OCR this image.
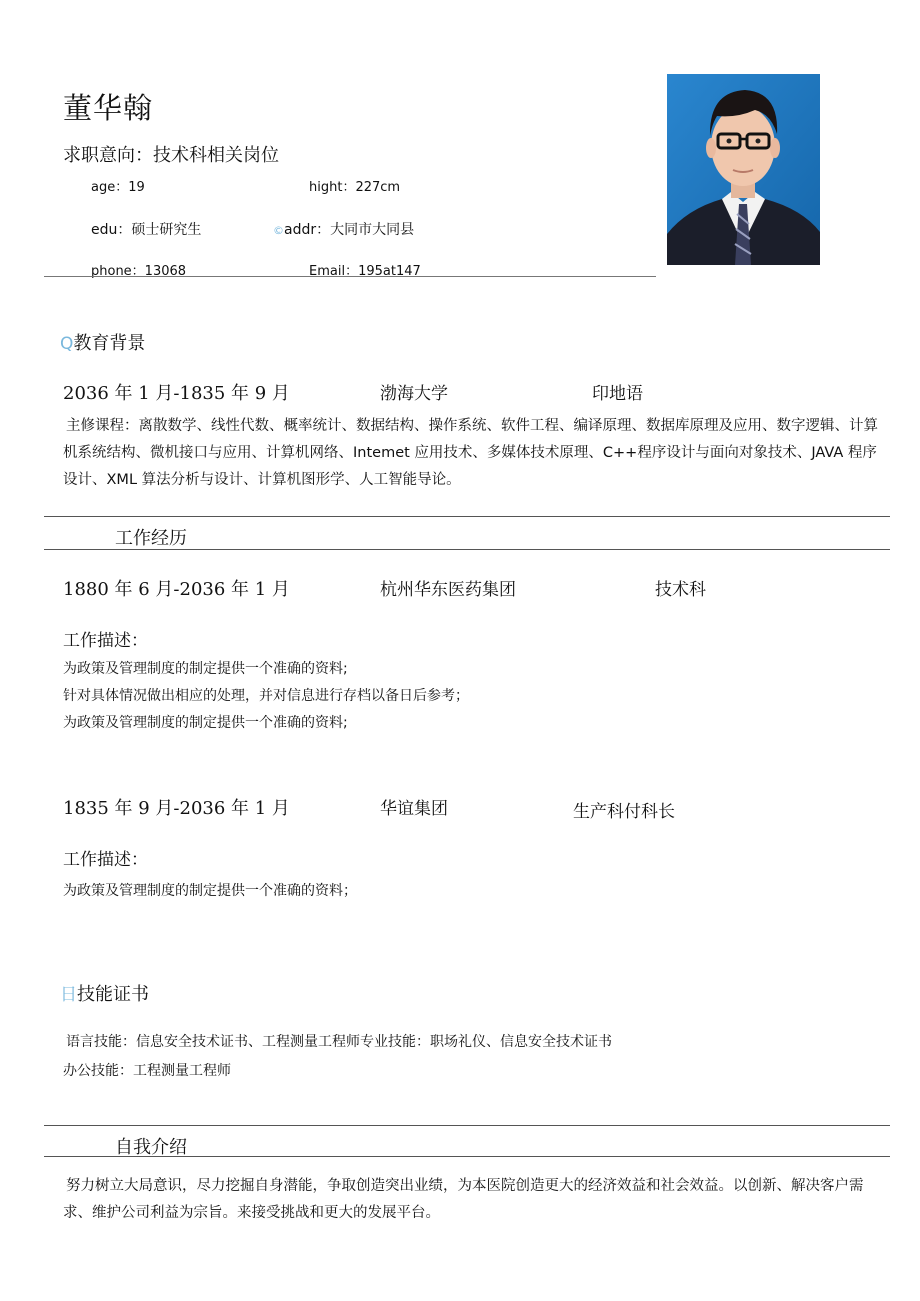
董华翰
求职意向：技术科相关岗位
age：19	hight：227cm
edu：硕士研究生	©addr：大同市大同县
phone：13068	Email：195at147
Q教育背景
2036 年 1 月-1835 年 9 月	渤海大学	印地语
主修课程：离散数学、线性代数、概率统计、数据结构、操作系统、软件工程、编译原理、数据库原理及应用、数字逻辑、计算机系统结构、微机接口与应用、计算机网络、Intemet 应用技术、多媒体技术原理、C++程序设计与面向对象技术、JAVA 程序设计、XML 算法分析与设计、计算机图形学、人工智能导论。
工作经历
1880 年 6 月-2036 年 1 月	杭州华东医药集团	技术科
工作描述：
为政策及管理制度的制定提供一个准确的资料;
针对具体情况做出相应的处理，并对信息进行存档以备日后参考；
为政策及管理制度的制定提供一个准确的资料;
1835 年 9 月-2036 年 1 月	华谊集团	生产科付科长
工作描述：
为政策及管理制度的制定提供一个准确的资料；
日技能证书
语言技能：信息安全技术证书、工程测量工程师专业技能：职场礼仪、信息安全技术证书
办公技能：工程测量工程师
自我介绍
努力树立大局意识，尽力挖掘自身潜能，争取创造突出业绩，为本医院创造更大的经济效益和社会效益。以创新、解决客户需求、维护公司利益为宗旨。来接受挑战和更大的发展平台。
